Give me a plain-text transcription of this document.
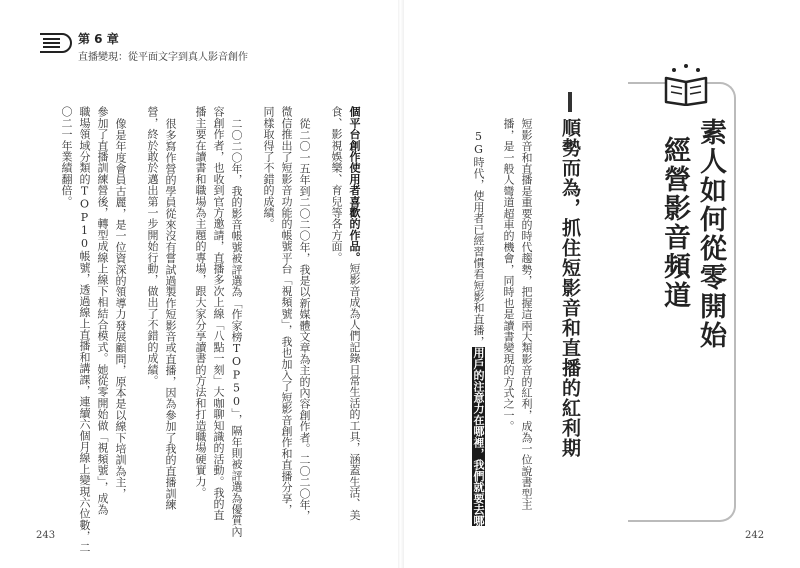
第 6 章
直播變現：從平面文字到真人影音創作
素人如何從零開始
經營影音頻道
順勢而為，抓住短影音和直播的紅利期
短影音和直播是重要的時代趨勢，把握這兩大類影音的紅利，成為一位說書型主
播，是一般人彎道超車的機會，同時也是讀書變現的方式之一。
5G時代，使用者已經習慣看短影和直播，用戶的注意力在哪裡，我們就要去哪
242
個平台創作使用者喜歡的作品。短影音成為人們記錄日常生活的工具，涵蓋生活、美
食、影視娛樂、育兒等各方面。
從二〇一五年到二〇二〇年，我是以新媒體文章為主的內容創作者。二〇二〇年，
微信推出了短影音功能的帳號平台「視頻號」，我也加入了短影音創作和直播分享，
同樣取得了不錯的成績。
二〇二〇年，我的影音帳號被評選為「作家榜TOP50」，隔年則被評選為優質內
容創作者，也收到官方邀請，直播多次上線「八點一刻」大咖聊知識的活動。我的直
播主要在讀書和職場為主題的專場，跟大家分享讀書的方法和打造職場硬實力。
很多寫作營的學員從來沒有嘗試過製作短影音或直播，因為參加了我的直播訓練
營，終於敢於邁出第一步開始行動，做出了不錯的成績。
像是年度會員古麗，是一位資深的領導力發展顧問，原本是以線下培訓為主，
參加了直播訓練營後，轉型成線上線下相結合模式。她從零開始做「視頻號」，成為
職場領域分類的TOP10帳號，透過線上直播和講課，連續六個月線上變現六位數，二
〇二一年業績翻倍。
243
